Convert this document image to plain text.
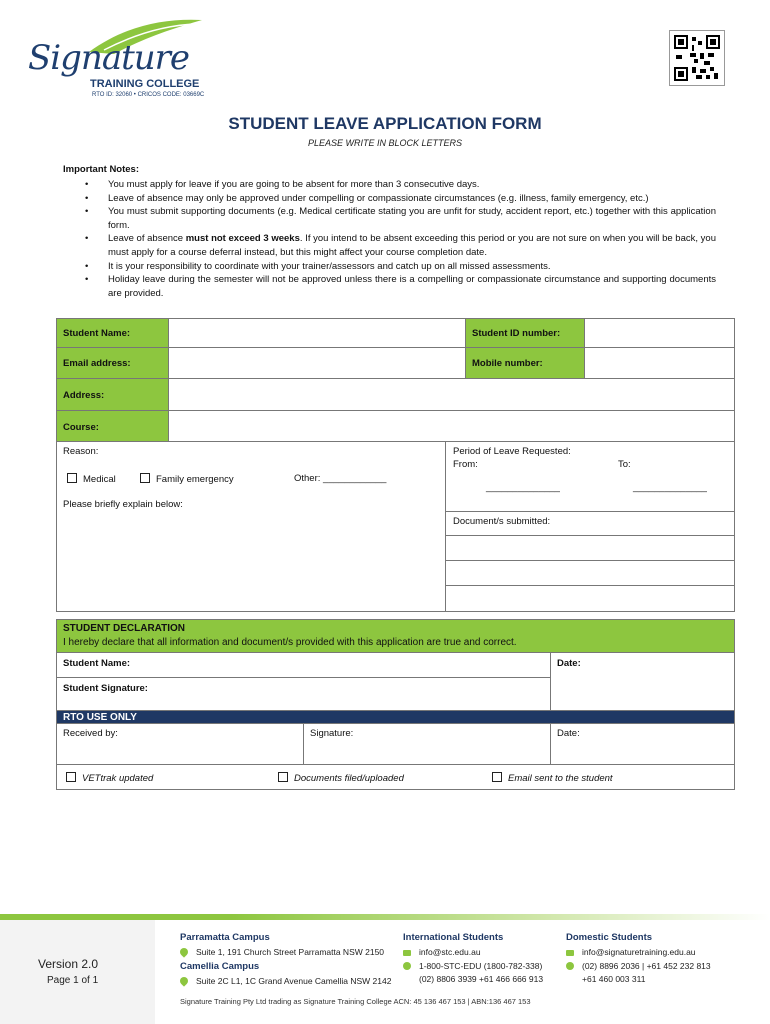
Signature
TRAINING COLLEGE
RTO ID: 32060 • CRICOS CODE: 03669C
STUDENT LEAVE APPLICATION FORM
PLEASE WRITE IN BLOCK LETTERS
Important Notes:
• You must apply for leave if you are going to be absent for more than 3 consecutive days.
• Leave of absence may only be approved under compelling or compassionate circumstances (e.g. illness, family emergency, etc.)
• You must submit supporting documents (e.g. Medical certificate stating you are unfit for study, accident report, etc.) together with this application form.
• Leave of absence must not exceed 3 weeks. If you intend to be absent exceeding this period or you are not sure on when you will be back, you must apply for a course deferral instead, but this might affect your course completion date.
• It is your responsibility to coordinate with your trainer/assessors and catch up on all missed assessments.
• Holiday leave during the semester will not be approved unless there is a compelling or compassionate circumstance and supporting documents are provided.
Student Name:	Student ID number:
Email address:	Mobile number:
Address:
Course:
Reason:
Medical	Family emergency	Other: ____________
Please briefly explain below:
Period of Leave Requested:
From:	To:
______________	______________
Document/s submitted:
STUDENT DECLARATION
I hereby declare that all information and document/s provided with this application are true and correct.
Student Name:	Date:
Student Signature:
RTO USE ONLY
Received by:	Signature:	Date:
VETtrak updated	Documents filed/uploaded	Email sent to the student
Version 2.0
Page 1 of 1
Parramatta Campus
Suite 1, 191 Church Street Parramatta NSW 2150
Camellia Campus
Suite 2C L1, 1C Grand Avenue Camellia NSW 2142
International Students
info@stc.edu.au
1-800-STC-EDU (1800-782-338)
(02) 8806 3939 +61 466 666 913
Domestic Students
info@signaturetraining.edu.au
(02) 8896 2036 | +61 452 232 813
+61 460 003 311
Signature Training Pty Ltd trading as Signature Training College ACN: 45 136 467 153 | ABN:136 467 153
